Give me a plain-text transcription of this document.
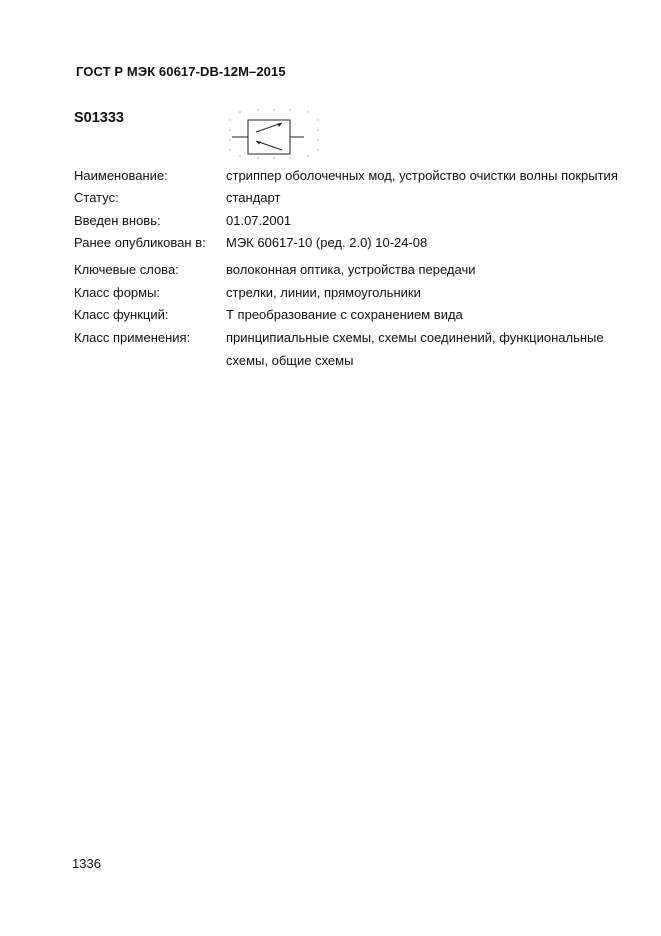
ГОСТ Р МЭК 60617-DB-12M–2015
S01333
Наименование:	стриппер оболочечных мод, устройство очистки волны покрытия
Статус:	стандарт
Введен вновь:	01.07.2001
Ранее опубликован в: МЭК 60617-10 (ред. 2.0) 10-24-08
Ключевые слова:	волоконная оптика, устройства передачи
Класс формы:	стрелки, линии, прямоугольники
Класс функций:	Т преобразование с сохранением вида
Класс применения:	принципиальные схемы, схемы соединений, функциональные схемы, общие схемы
1336
